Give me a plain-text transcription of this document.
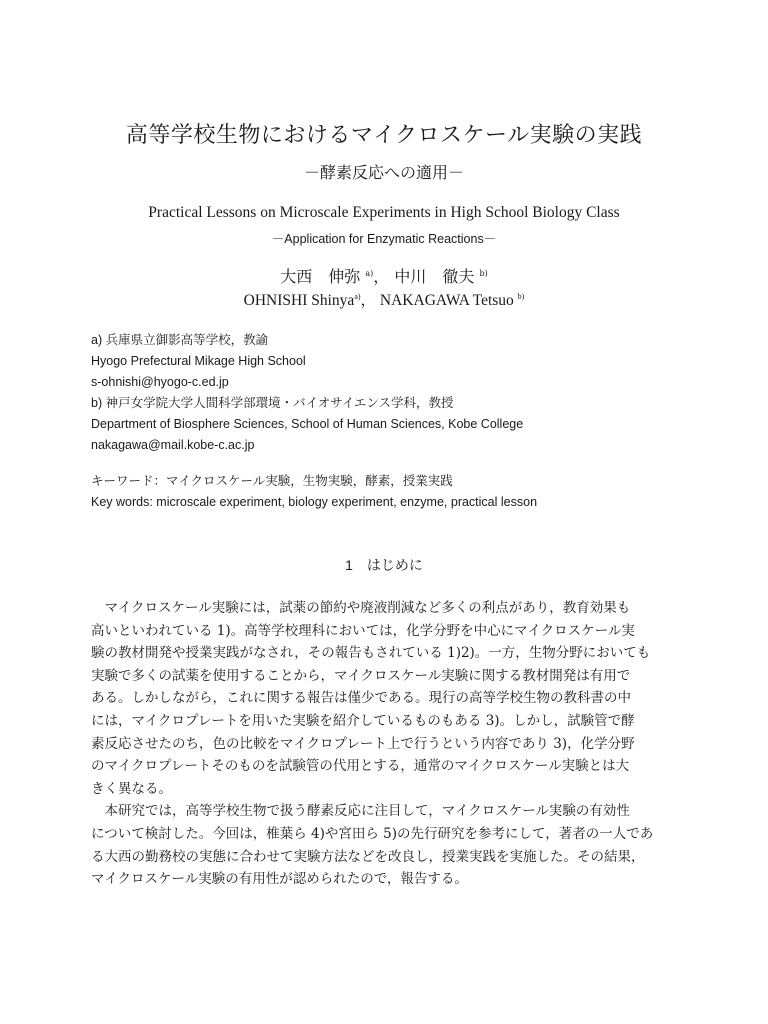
高等学校生物におけるマイクロスケール実験の実践
－酵素反応への適用－
Practical Lessons on Microscale Experiments in High School Biology Class
－Application for Enzymatic Reactions－
大西　伸弥 $^{a)}$， 中川　徹夫 $^{b)}$
OHNISHI Shinya$^{a)}$， NAKAGAWA Tetsuo $^{b)}$
a) 兵庫県立御影高等学校，教諭
Hyogo Prefectural Mikage High School
s-ohnishi@hyogo-c.ed.jp
b) 神戸女学院大学人間科学部環境・バイオサイエンス学科，教授
Department of Biosphere Sciences, School of Human Sciences, Kobe College
nakagawa@mail.kobe-c.ac.jp
キーワード：マイクロスケール実験，生物実験，酵素，授業実践
Key words: microscale experiment, biology experiment, enzyme, practical lesson
1　はじめに
　マイクロスケール実験には，試薬の節約や廃液削減など多くの利点があり，教育効果も
高いといわれている 1)。高等学校理科においては，化学分野を中心にマイクロスケール実
験の教材開発や授業実践がなされ，その報告もされている 1)2)。一方，生物分野においても
実験で多くの試薬を使用することから，マイクロスケール実験に関する教材開発は有用で
ある。しかしながら，これに関する報告は僅少である。現行の高等学校生物の教科書の中
には，マイクロプレートを用いた実験を紹介しているものもある 3)。しかし，試験管で酵
素反応させたのち，色の比較をマイクロプレート上で行うという内容であり 3)，化学分野
のマイクロプレートそのものを試験管の代用とする，通常のマイクロスケール実験とは大
きく異なる。
　本研究では，高等学校生物で扱う酵素反応に注目して，マイクロスケール実験の有効性
について検討した。今回は，椎葉ら 4)や宮田ら 5)の先行研究を参考にして，著者の一人であ
る大西の勤務校の実態に合わせて実験方法などを改良し，授業実践を実施した。その結果，
マイクロスケール実験の有用性が認められたので，報告する。
